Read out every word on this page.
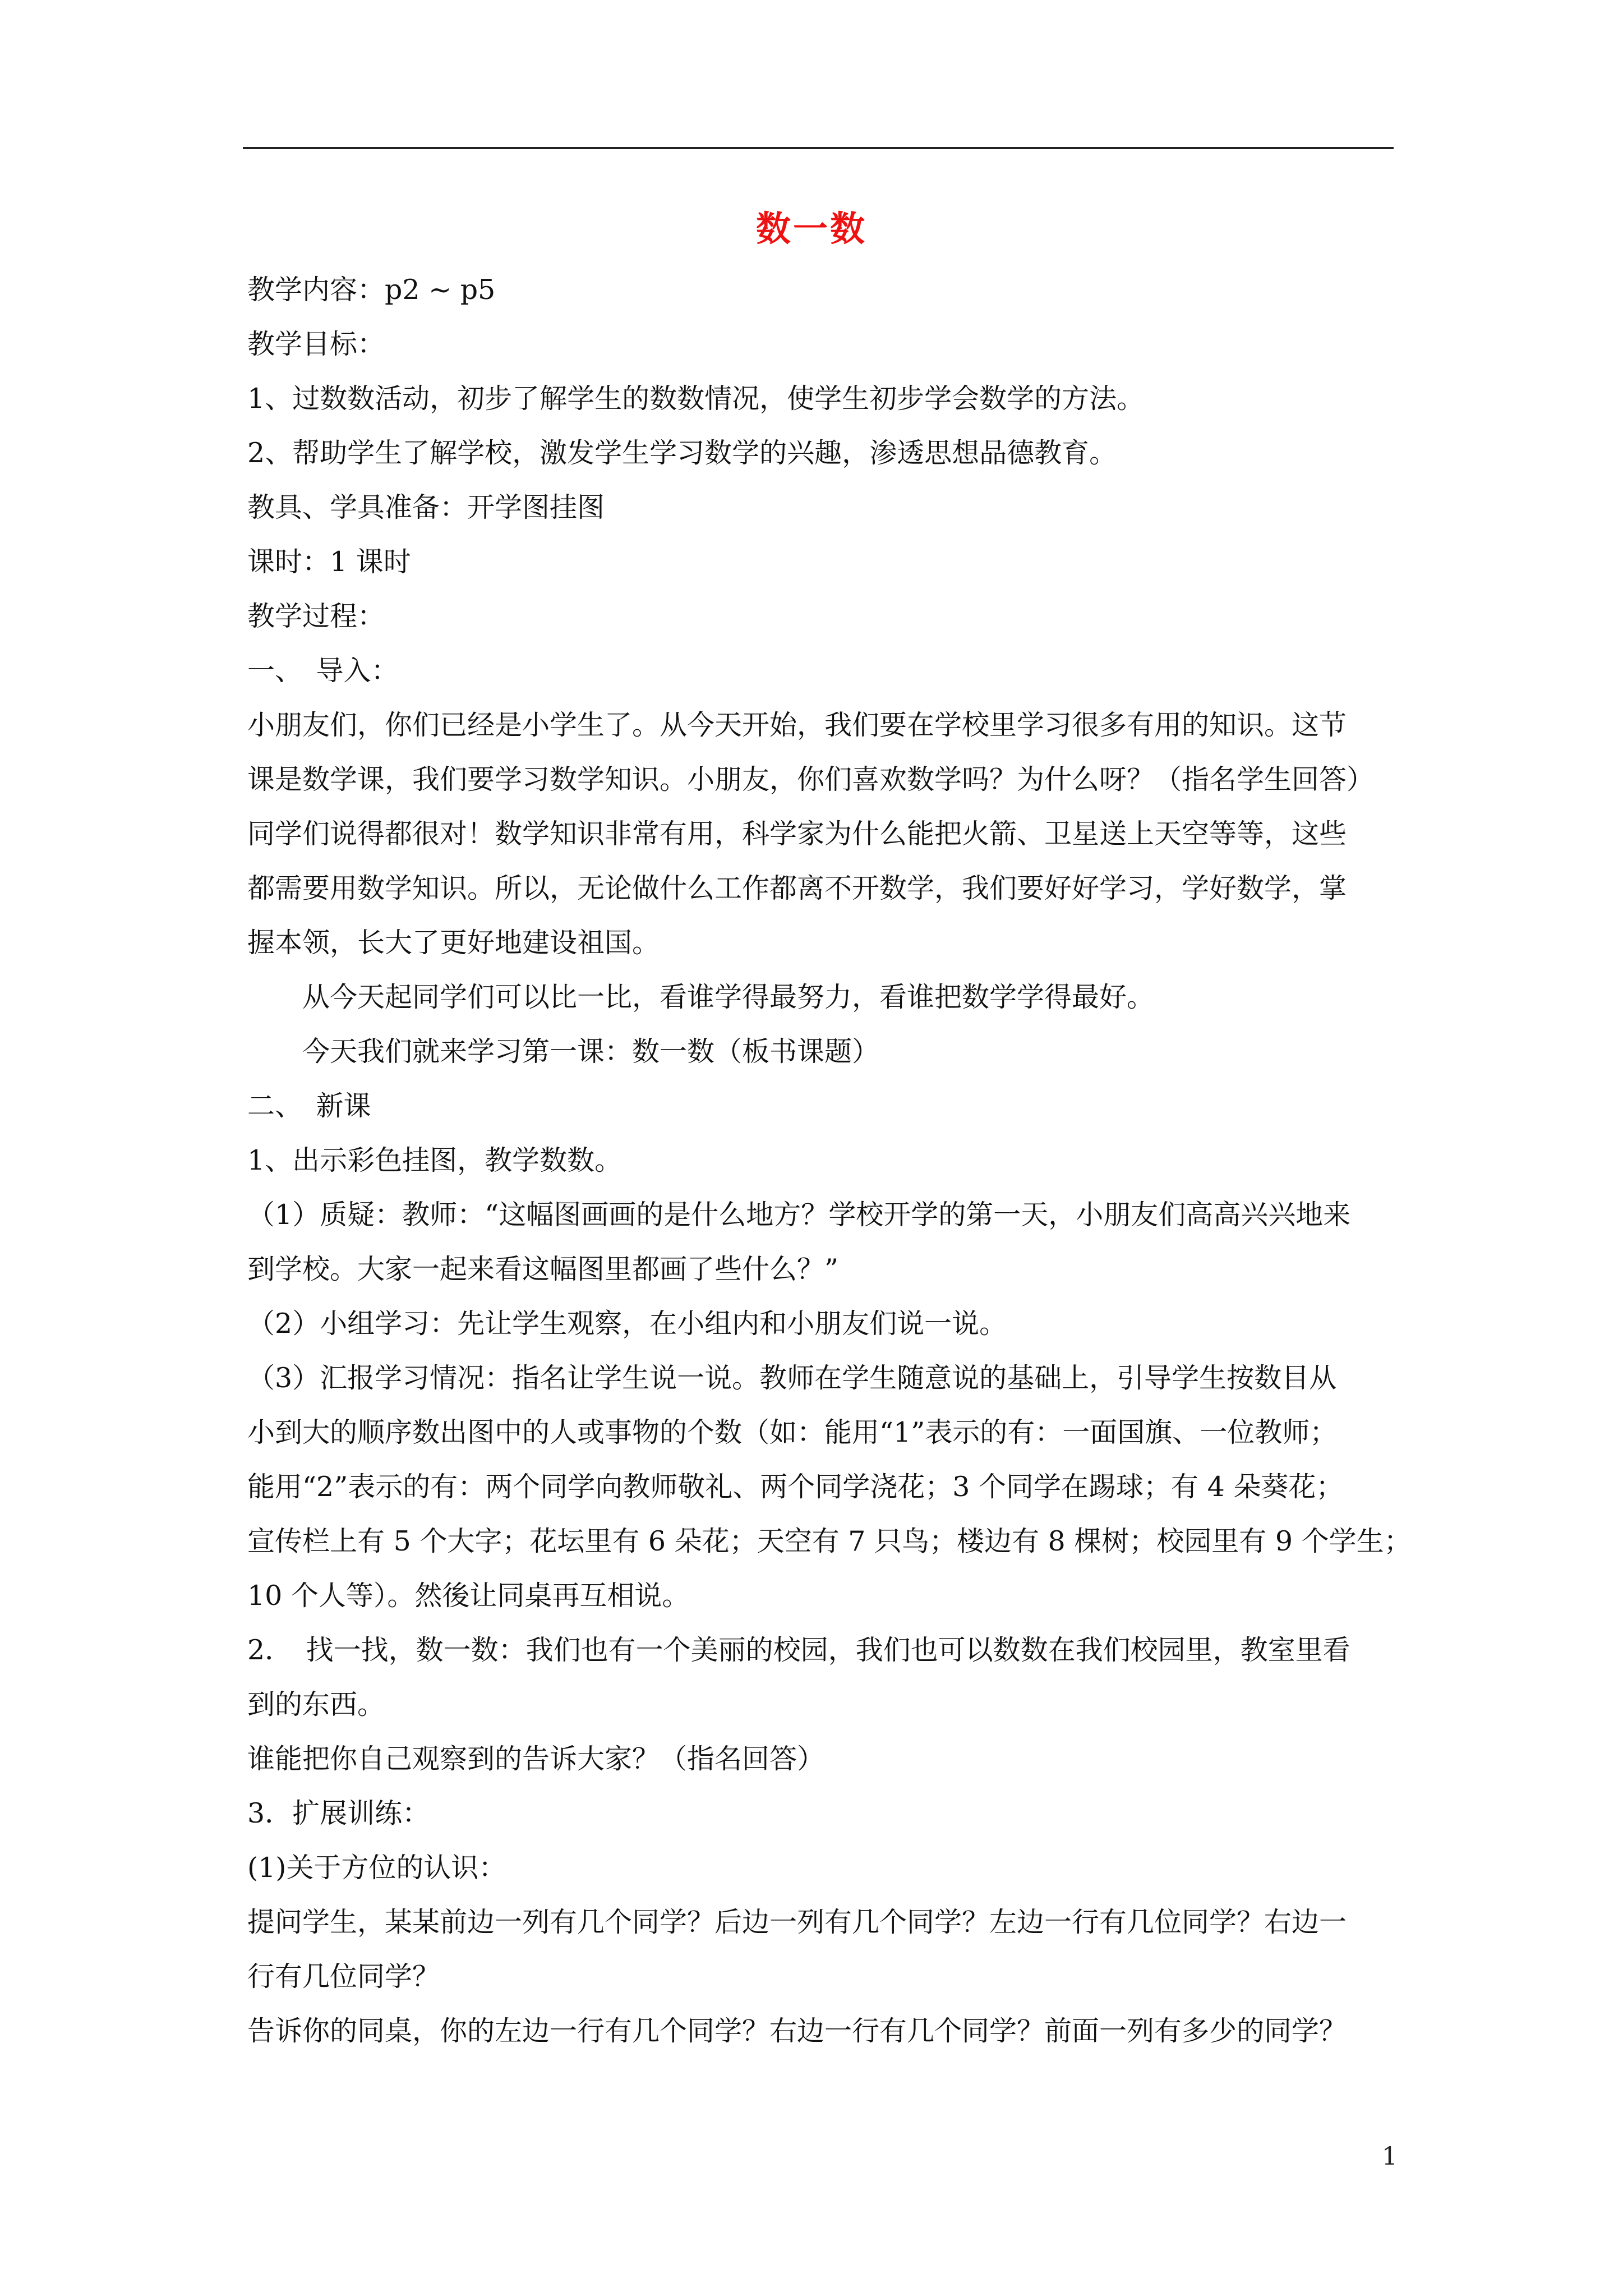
数一数

教学内容：p2 ~ p5

教学目标：

1、过数数活动，初步了解学生的数数情况，使学生初步学会数学的方法。

2、帮助学生了解学校，激发学生学习数学的兴趣，渗透思想品德教育。

教具、学具准备：开学图挂图

课时：1 课时

教学过程：

一、　导入：

小朋友们，你们已经是小学生了。从今天开始，我们要在学校里学习很多有用的知识。这节

课是数学课，我们要学习数学知识。小朋友，你们喜欢数学吗？为什么呀？（指名学生回答）

同学们说得都很对！数学知识非常有用，科学家为什么能把火箭、卫星送上天空等等，这些

都需要用数学知识。所以，无论做什么工作都离不开数学，我们要好好学习，学好数学，掌

握本领，长大了更好地建设祖国。

从今天起同学们可以比一比，看谁学得最努力，看谁把数学学得最好。

今天我们就来学习第一课：数一数（板书课题）

二、　新课

1、出示彩色挂图，教学数数。

（1）质疑：教师：“这幅图画画的是什么地方？学校开学的第一天，小朋友们高高兴兴地来

到学校。大家一起来看这幅图里都画了些什么？”

（2）小组学习：先让学生观察，在小组内和小朋友们说一说。

（3）汇报学习情况：指名让学生说一说。教师在学生随意说的基础上，引导学生按数目从

小到大的顺序数出图中的人或事物的个数（如：能用“1”表示的有：一面国旗、一位教师；

能用“2”表示的有：两个同学向教师敬礼、两个同学浇花；3 个同学在踢球；有 4 朵葵花；

宣传栏上有 5 个大字；花坛里有 6 朵花；天空有 7 只鸟；楼边有 8 棵树；校园里有 9 个学生；

10 个人等）。然後让同桌再互相说。

2．　找一找，数一数：我们也有一个美丽的校园，我们也可以数数在我们校园里，教室里看

到的东西。

谁能把你自己观察到的告诉大家？（指名回答）

3．扩展训练：

(1)关于方位的认识：

提问学生，某某前边一列有几个同学？后边一列有几个同学？左边一行有几位同学？右边一

行有几位同学？

告诉你的同桌，你的左边一行有几个同学？右边一行有几个同学？前面一列有多少的同学？

1
